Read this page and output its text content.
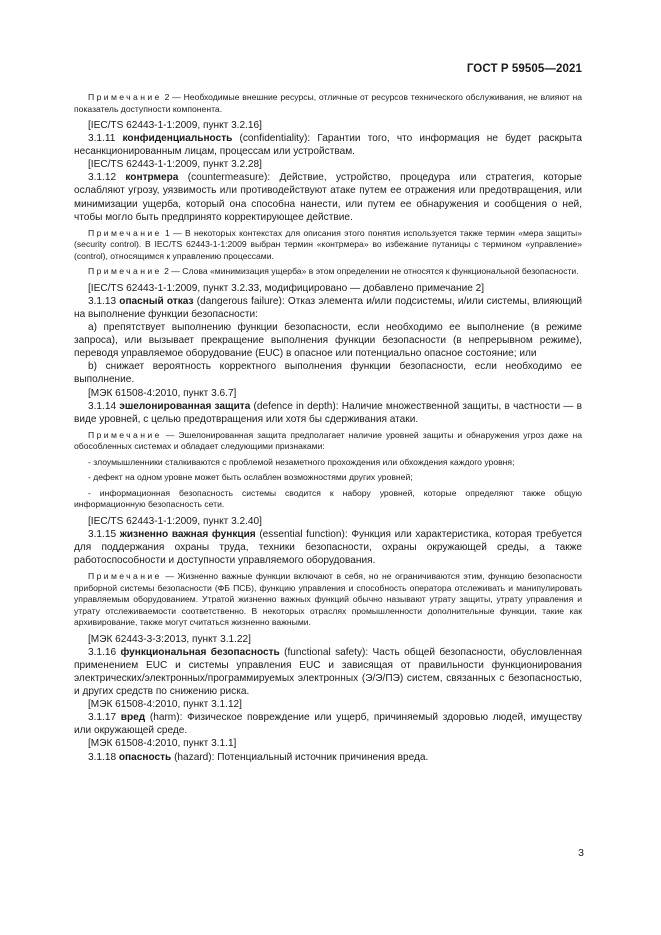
ГОСТ Р 59505—2021

Примечание 2 — Необходимые внешние ресурсы, отличные от ресурсов технического обслуживания, не влияют на показатель доступности компонента.

[IEC/TS 62443-1-1:2009, пункт 3.2.16]

3.1.11 конфиденциальность (confidentiality): Гарантии того, что информация не будет раскрыта несанкционированным лицам, процессам или устройствам.

[IEC/TS 62443-1-1:2009, пункт 3.2.28]

3.1.12 контрмера (countermeasure): Действие, устройство, процедура или стратегия, которые ослабляют угрозу, уязвимость или противодействуют атаке путем ее отражения или предотвращения, или минимизации ущерба, который она способна нанести, или путем ее обнаружения и сообщения о ней, чтобы могло быть предпринято корректирующее действие.

Примечание 1 — В некоторых контекстах для описания этого понятия используется также термин «мера защиты» (security control). В IEC/TS 62443-1-1:2009 выбран термин «контрмера» во избежание путаницы с термином «управление» (control), относящимся к управлению процессами.

Примечание 2 — Слова «минимизация ущерба» в этом определении не относятся к функциональной безопасности.

[IEC/TS 62443-1-1:2009, пункт 3.2.33, модифицировано — добавлено примечание 2]

3.1.13 опасный отказ (dangerous failure): Отказ элемента и/или подсистемы, и/или системы, влияющий на выполнение функции безопасности:

a) препятствует выполнению функции безопасности, если необходимо ее выполнение (в режиме запроса), или вызывает прекращение выполнения функции безопасности (в непрерывном режиме), переводя управляемое оборудование (EUC) в опасное или потенциально опасное состояние; или

b) снижает вероятность корректного выполнения функции безопасности, если необходимо ее выполнение.

[МЭК 61508-4:2010, пункт 3.6.7]

3.1.14 эшелонированная защита (defence in depth): Наличие множественной защиты, в частности — в виде уровней, с целью предотвращения или хотя бы сдерживания атаки.

Примечание — Эшелонированная защита предполагает наличие уровней защиты и обнаружения угроз даже на обособленных системах и обладает следующими признаками:

- злоумышленники сталкиваются с проблемой незаметного прохождения или обхождения каждого уровня;

- дефект на одном уровне может быть ослаблен возможностями других уровней;

- информационная безопасность системы сводится к набору уровней, которые определяют также общую информационную безопасность сети.

[IEC/TS 62443-1-1:2009, пункт 3.2.40]

3.1.15 жизненно важная функция (essential function): Функция или характеристика, которая требуется для поддержания охраны труда, техники безопасности, охраны окружающей среды, а также работоспособности и доступности управляемого оборудования.

Примечание — Жизненно важные функции включают в себя, но не ограничиваются этим, функцию безопасности приборной системы безопасности (ФБ ПСБ), функцию управления и способность оператора отслеживать и манипулировать управляемым оборудованием. Утратой жизненно важных функций обычно называют утрату защиты, утрату управления и утрату отслеживаемости соответственно. В некоторых отраслях промышленности дополнительные функции, такие как архивирование, также могут считаться жизненно важными.

[МЭК 62443-3-3:2013, пункт 3.1.22]

3.1.16 функциональная безопасность (functional safety): Часть общей безопасности, обусловленная применением EUC и системы управления EUC и зависящая от правильности функционирования электрических/электронных/программируемых электронных (Э/Э/ПЭ) систем, связанных с безопасностью, и других средств по снижению риска.

[МЭК 61508-4:2010, пункт 3.1.12]

3.1.17 вред (harm): Физическое повреждение или ущерб, причиняемый здоровью людей, имуществу или окружающей среде.

[МЭК 61508-4:2010, пункт 3.1.1]

3.1.18 опасность (hazard): Потенциальный источник причинения вреда.

3
